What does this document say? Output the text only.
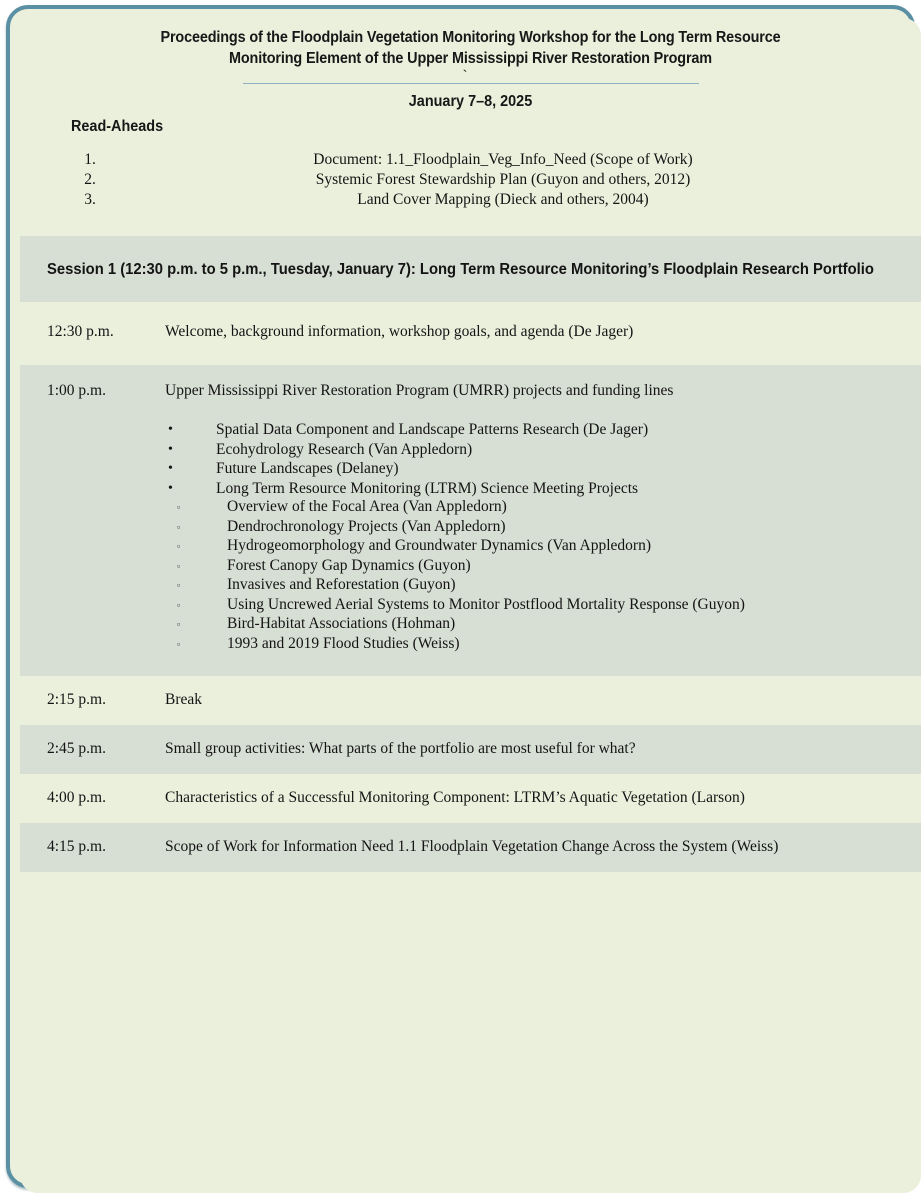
Proceedings of the Floodplain Vegetation Monitoring Workshop for the Long Term Resource
Monitoring Element of the Upper Mississippi River Restoration Program
`
January 7–8, 2025
Read-Aheads
1.	Document: 1.1_Floodplain_Veg_Info_Need (Scope of Work)
2.	Systemic Forest Stewardship Plan (Guyon and others, 2012)
3.	Land Cover Mapping (Dieck and others, 2004)
Session 1 (12:30 p.m. to 5 p.m., Tuesday, January 7): Long Term Resource Monitoring’s Floodplain Research Portfolio
12:30 p.m.	Welcome, background information, workshop goals, and agenda (De Jager)
1:00 p.m.	Upper Mississippi River Restoration Program (UMRR) projects and funding lines
•	Spatial Data Component and Landscape Patterns Research (De Jager)
•	Ecohydrology Research (Van Appledorn)
•	Future Landscapes (Delaney)
•	Long Term Resource Monitoring (LTRM) Science Meeting Projects
▫	Overview of the Focal Area (Van Appledorn)
▫	Dendrochronology Projects (Van Appledorn)
▫	Hydrogeomorphology and Groundwater Dynamics (Van Appledorn)
▫	Forest Canopy Gap Dynamics (Guyon)
▫	Invasives and Reforestation (Guyon)
▫	Using Uncrewed Aerial Systems to Monitor Postflood Mortality Response (Guyon)
▫	Bird-Habitat Associations (Hohman)
▫	1993 and 2019 Flood Studies (Weiss)
2:15 p.m.	Break
2:45 p.m.	Small group activities: What parts of the portfolio are most useful for what?
4:00 p.m.	Characteristics of a Successful Monitoring Component: LTRM’s Aquatic Vegetation (Larson)
4:15 p.m.	Scope of Work for Information Need 1.1 Floodplain Vegetation Change Across the System (Weiss)
